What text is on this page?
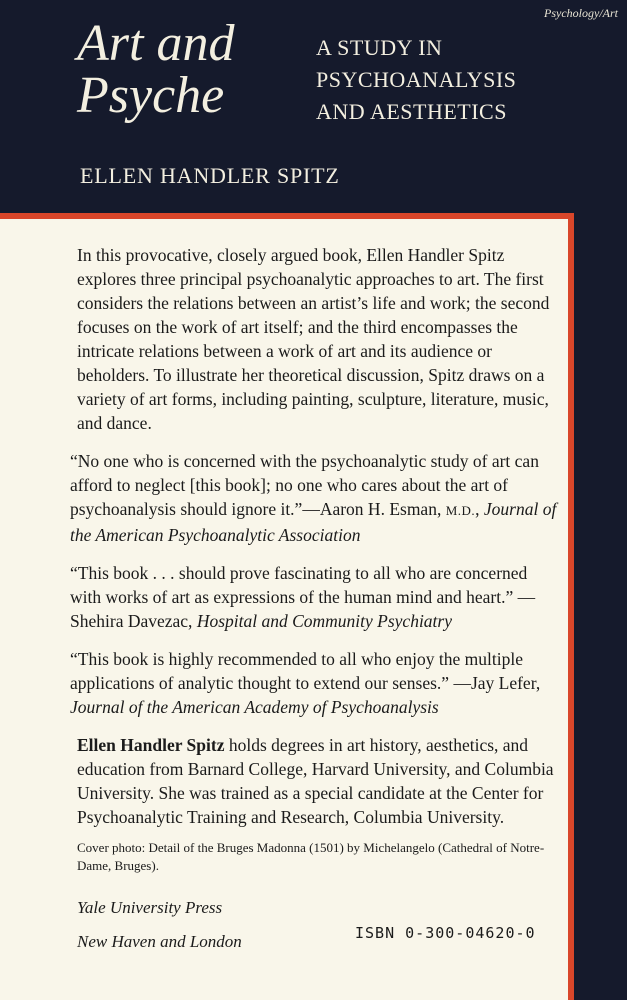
Psychology/Art
Art and
Psyche
A STUDY IN
PSYCHOANALYSIS
AND AESTHETICS
ELLEN HANDLER SPITZ

In this provocative, closely argued book, Ellen Handler Spitz explores three principal psychoanalytic approaches to art. The first considers the relations between an artist’s life and work; the second focuses on the work of art itself; and the third encompasses the intricate relations between a work of art and its audience or beholders. To illustrate her theoretical discussion, Spitz draws on a variety of art forms, including painting, sculpture, literature, music, and dance.

“No one who is concerned with the psychoanalytic study of art can afford to neglect [this book]; no one who cares about the art of psychoanalysis should ignore it.”—Aaron H. Esman, M.D., Journal of the American Psychoanalytic Association

“This book . . . should prove fascinating to all who are concerned with works of art as expressions of the human mind and heart.” —Shehira Davezac, Hospital and Community Psychiatry

“This book is highly recommended to all who enjoy the multiple applications of analytic thought to extend our senses.” —Jay Lefer, Journal of the American Academy of Psychoanalysis

Ellen Handler Spitz holds degrees in art history, aesthetics, and education from Barnard College, Harvard University, and Columbia University. She was trained as a special candidate at the Center for Psychoanalytic Training and Research, Columbia University.

Cover photo: Detail of the Bruges Madonna (1501) by Michelangelo (Cathedral of Notre-Dame, Bruges).

Yale University Press
New Haven and London	ISBN 0-300-04620-0
